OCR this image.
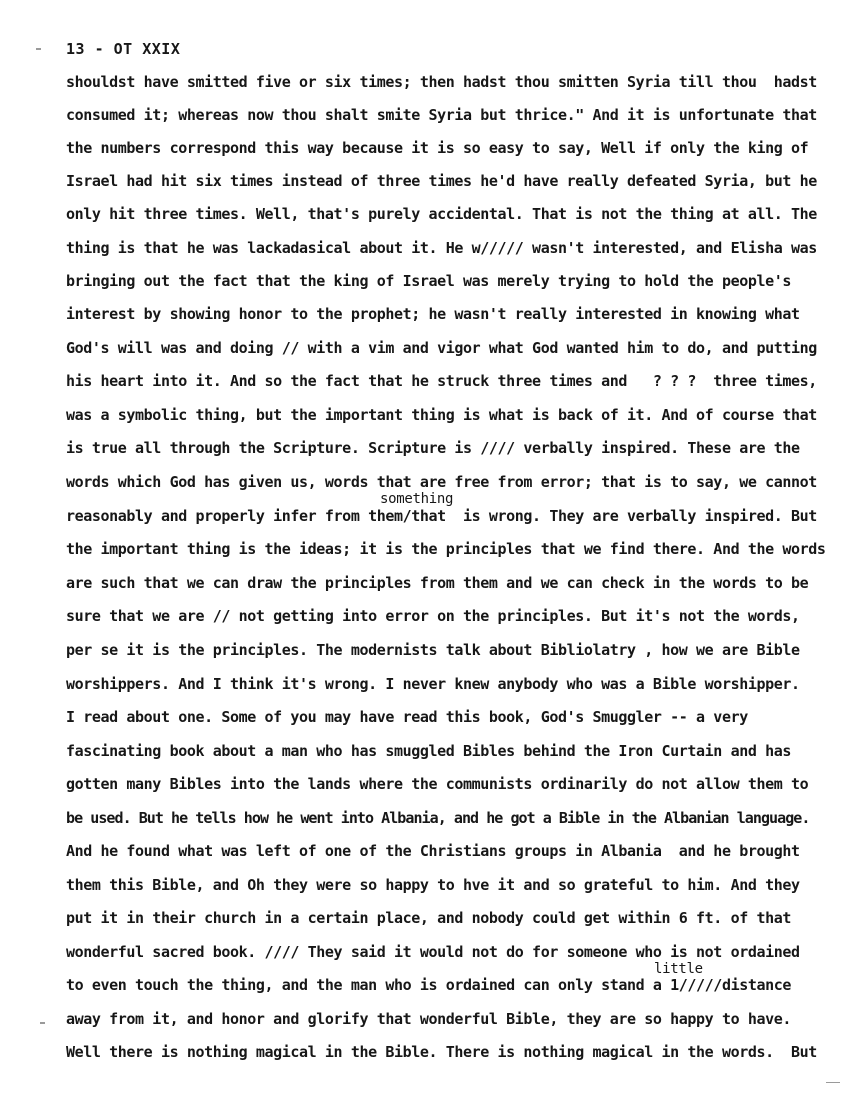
13 - OT XXIX
shouldst have smitted five or six times; then hadst thou smitten Syria till thou  hadst
consumed it; whereas now thou shalt smite Syria but thrice." And it is unfortunate that
the numbers correspond this way because it is so easy to say, Well if only the king of
Israel had hit six times instead of three times he'd have really defeated Syria, but he
only hit three times. Well, that's purely accidental. That is not the thing at all. The
thing is that he was lackadasical about it. He w///// wasn't interested, and Elisha was
bringing out the fact that the king of Israel was merely trying to hold the people's
interest by showing honor to the prophet; he wasn't really interested in knowing what
God's will was and doing // with a vim and vigor what God wanted him to do, and putting
his heart into it. And so the fact that he struck three times and   ? ? ?  three times,
was a symbolic thing, but the important thing is what is back of it. And of course that
is true all through the Scripture. Scripture is //// verbally inspired. These are the
words which God has given us, words that are free from error; that is to say, we cannot
something
reasonably and properly infer from them/that  is wrong. They are verbally inspired. But
the important thing is the ideas; it is the principles that we find there. And the words
are such that we can draw the principles from them and we can check in the words to be
sure that we are // not getting into error on the principles. But it's not the words,
per se it is the principles. The modernists talk about Bibliolatry , how we are Bible
worshippers. And I think it's wrong. I never knew anybody who was a Bible worshipper.
I read about one. Some of you may have read this book, God's Smuggler -- a very
fascinating book about a man who has smuggled Bibles behind the Iron Curtain and has
gotten many Bibles into the lands where the communists ordinarily do not allow them to
be used. But he tells how he went into Albania, and he got a Bible in the Albanian language.
And he found what was left of one of the Christians groups in Albania  and he brought
them this Bible, and Oh they were so happy to hve it and so grateful to him. And they
put it in their church in a certain place, and nobody could get within 6 ft. of that
wonderful sacred book. //// They said it would not do for someone who is not ordained
little
to even touch the thing, and the man who is ordained can only stand a 1/////distance
away from it, and honor and glorify that wonderful Bible, they are so happy to have.
Well there is nothing magical in the Bible. There is nothing magical in the words.  But
